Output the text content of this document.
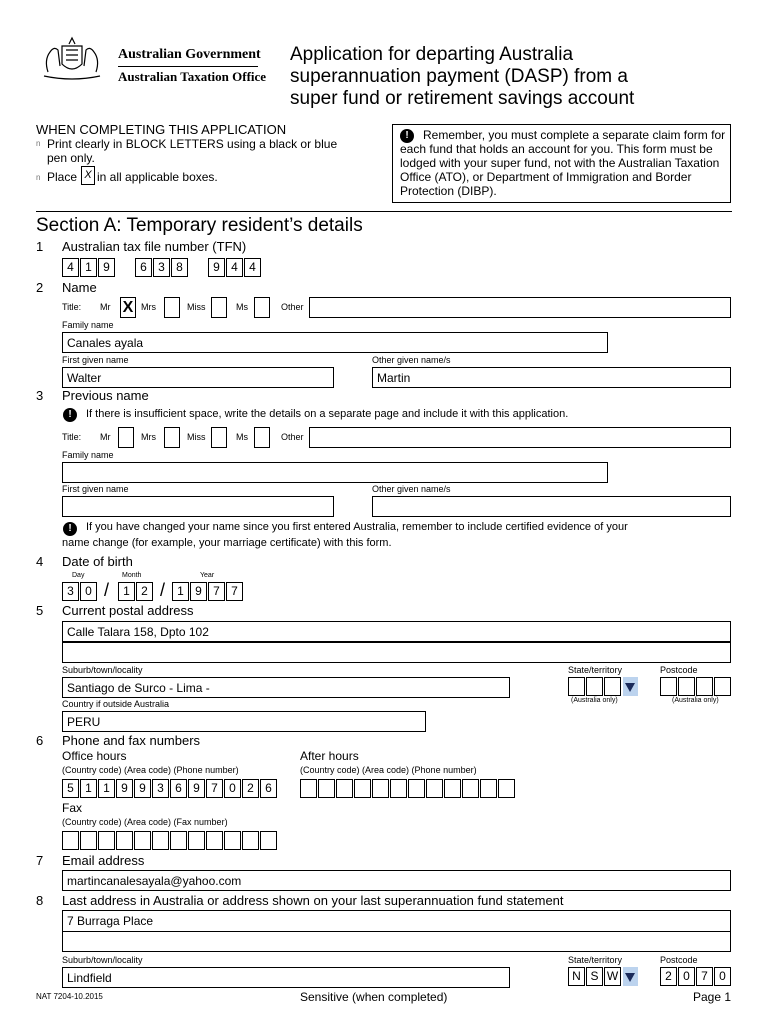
Australian Government
Australian Taxation Office
Application for departing Australia
superannuation payment (DASP) from a
super fund or retirement savings account
WHEN COMPLETING THIS APPLICATION
n Print clearly in BLOCK LETTERS using a black or blue
pen only.
n Place X in all applicable boxes.
!	Remember, you must complete a separate claim form for
each fund that holds an account for you. This form must be
lodged with your super fund, not with the Australian Taxation
Office (ATO), or Department of Immigration and Border
Protection (DIBP).
Section A: Temporary resident’s details
1 Australian tax file number (TFN)
4 1 9	6 3 8	9 4 4
2 Name
Title: Mr X Mrs	Miss	Ms	Other
Family name
Canales ayala
First given name	Other given name/s
Walter	Martin
3 Previous name
!	If there is insufficient space, write the details on a separate page and include it with this application.
Title: Mr	Mrs	Miss	Ms	Other
Family name
First given name	Other given name/s
!	If you have changed your name since you first entered Australia, remember to include certified evidence of your
name change (for example, your marriage certificate) with this form.
4 Date of birth
Day	Month	Year
3 0 /	1 2 /	1 9 7 7
5 Current postal address
Calle Talara 158, Dpto 102
Suburb/town/locality	State/territory	Postcode
Santiago de Surco - Lima -
(Australia only)	(Australia only)
Country if outside Australia
PERU
6 Phone and fax numbers
Office hours	After hours
(Country code) (Area code) (Phone number)	(Country code) (Area code) (Phone number)
5 1 1 9 9 3 6 9 7 0 2 6
Fax
(Country code) (Area code) (Fax number)
7 Email address
martincanalesayala@yahoo.com
8 Last address in Australia or address shown on your last superannuation fund statement
7 Burraga Place
Suburb/town/locality	State/territory	Postcode
Lindfield	N S W	2 0 7 0
NAT 7204-10.2015	Sensitive (when completed)	Page 1
